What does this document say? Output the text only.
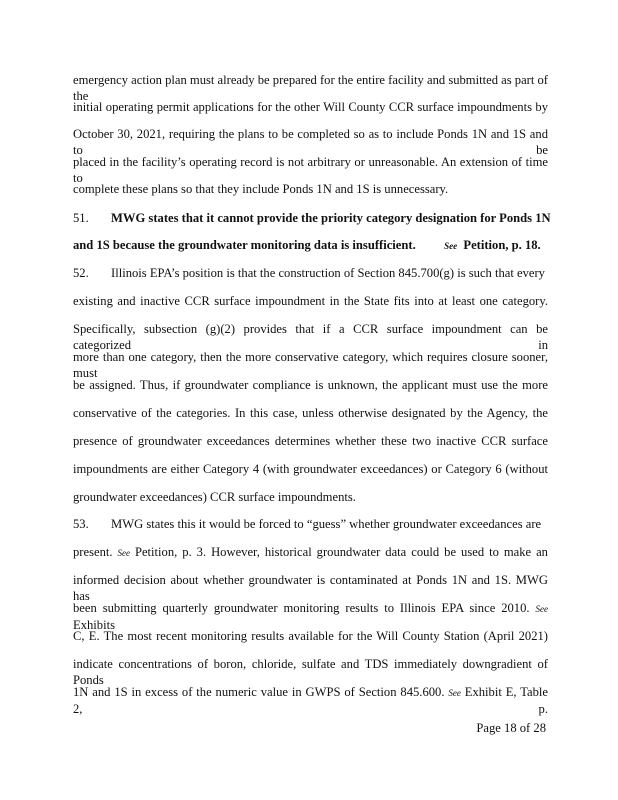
emergency action plan must already be prepared for the entire facility and submitted as part of the
initial operating permit applications for the other Will County CCR surface impoundments by
October 30, 2021, requiring the plans to be completed so as to include Ponds 1N and 1S and to be
placed in the facility’s operating record is not arbitrary or unreasonable. An extension of time to
complete these plans so that they include Ponds 1N and 1S is unnecessary.
51. MWG states that it cannot provide the priority category designation for Ponds 1N
and 1S because the groundwater monitoring data is insufficient.	See Petition, p. 18.
52. Illinois EPA’s position is that the construction of Section 845.700(g) is such that every
existing and inactive CCR surface impoundment in the State fits into at least one category.
Specifically, subsection (g)(2) provides that if a CCR surface impoundment can be categorized in
more than one category, then the more conservative category, which requires closure sooner, must
be assigned. Thus, if groundwater compliance is unknown, the applicant must use the more
conservative of the categories. In this case, unless otherwise designated by the Agency, the
presence of groundwater exceedances determines whether these two inactive CCR surface
impoundments are either Category 4 (with groundwater exceedances) or Category 6 (without
groundwater exceedances) CCR surface impoundments.
53. MWG states this it would be forced to “guess” whether groundwater exceedances are
present. See Petition, p. 3. However, historical groundwater data could be used to make an
informed decision about whether groundwater is contaminated at Ponds 1N and 1S. MWG has
been submitting quarterly groundwater monitoring results to Illinois EPA since 2010. See Exhibits
C, E. The most recent monitoring results available for the Will County Station (April 2021)
indicate concentrations of boron, chloride, sulfate and TDS immediately downgradient of Ponds
1N and 1S in excess of the numeric value in GWPS of Section 845.600. See Exhibit E, Table 2, p.
Page 18 of 28
